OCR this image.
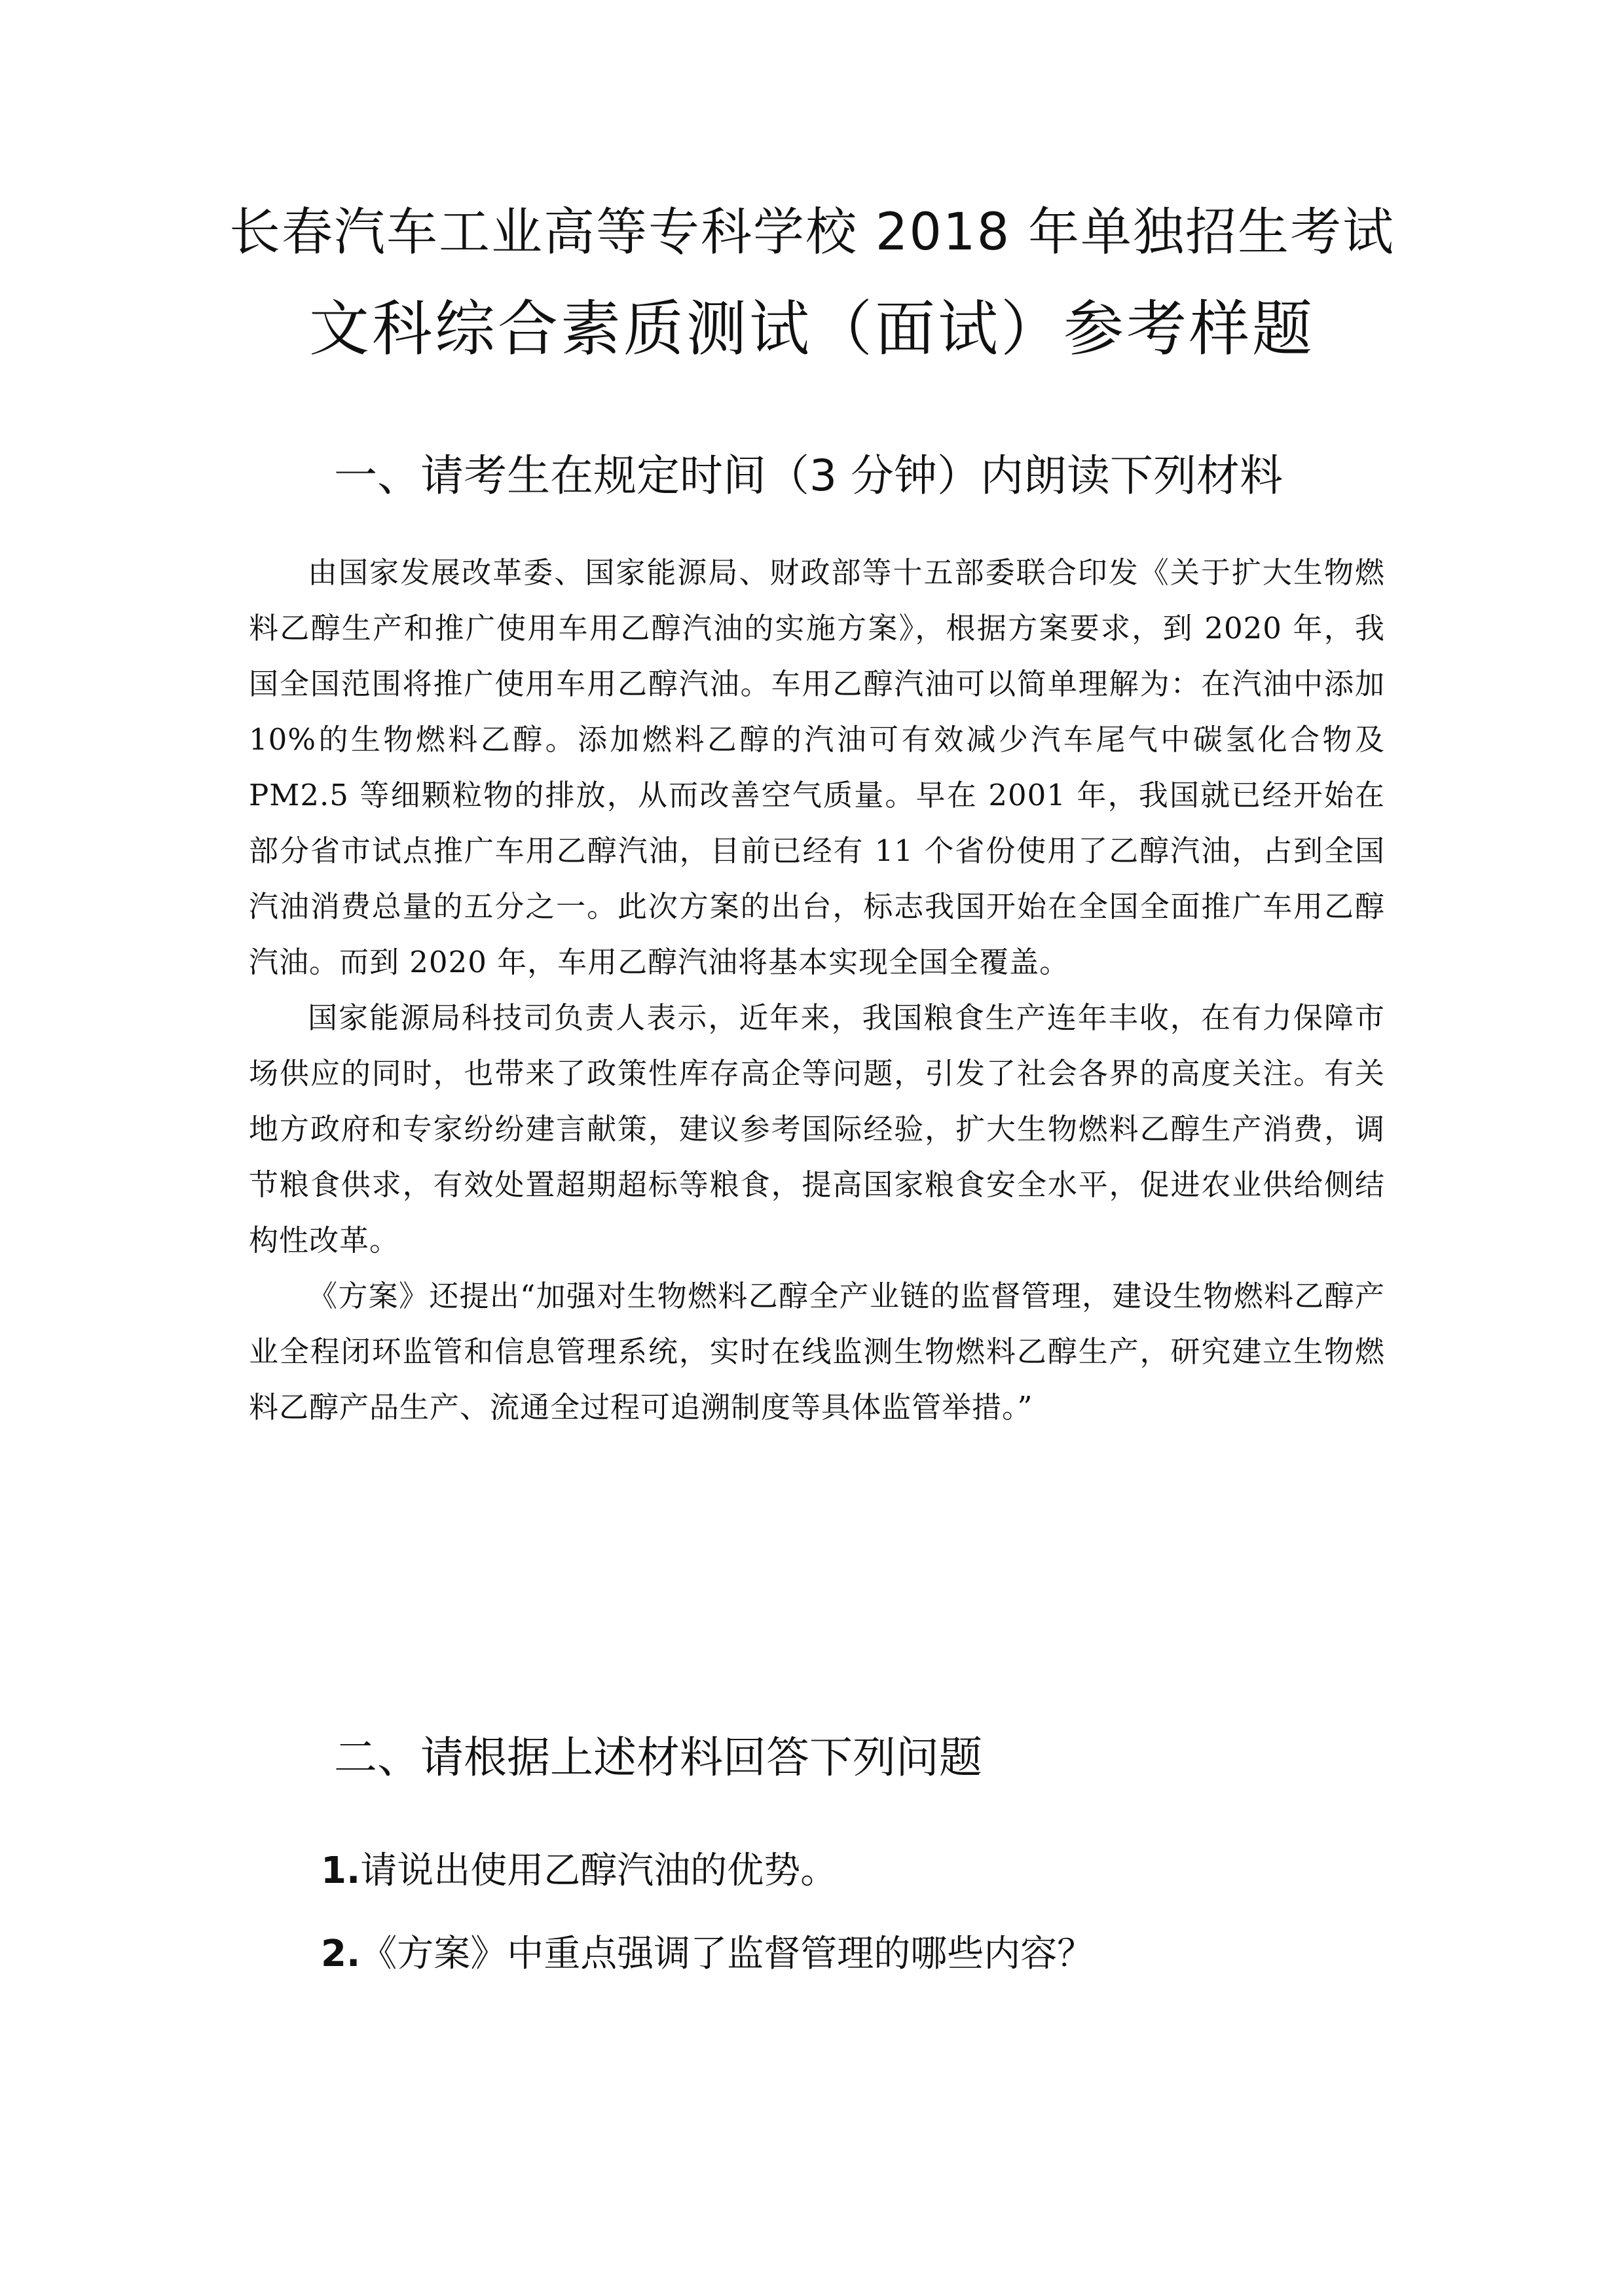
长春汽车工业高等专科学校 2018 年单独招生考试
文科综合素质测试（面试）参考样题
一、请考生在规定时间（3 分钟）内朗读下列材料

由国家发展改革委、国家能源局、财政部等十五部委联合印发《关于扩大生物燃料乙醇生产和推广使用车用乙醇汽油的实施方案》，根据方案要求，到 2020 年，我国全国范围将推广使用车用乙醇汽油。车用乙醇汽油可以简单理解为：在汽油中添加 10%的生物燃料乙醇。添加燃料乙醇的汽油可有效减少汽车尾气中碳氢化合物及 PM2.5 等细颗粒物的排放，从而改善空气质量。早在 2001 年，我国就已经开始在部分省市试点推广车用乙醇汽油，目前已经有 11 个省份使用了乙醇汽油，占到全国汽油消费总量的五分之一。此次方案的出台，标志我国开始在全国全面推广车用乙醇汽油。而到 2020 年，车用乙醇汽油将基本实现全国全覆盖。

国家能源局科技司负责人表示，近年来，我国粮食生产连年丰收，在有力保障市场供应的同时，也带来了政策性库存高企等问题，引发了社会各界的高度关注。有关地方政府和专家纷纷建言献策，建议参考国际经验，扩大生物燃料乙醇生产消费，调节粮食供求，有效处置超期超标等粮食，提高国家粮食安全水平，促进农业供给侧结构性改革。

《方案》还提出“加强对生物燃料乙醇全产业链的监督管理，建设生物燃料乙醇产业全程闭环监管和信息管理系统，实时在线监测生物燃料乙醇生产，研究建立生物燃料乙醇产品生产、流通全过程可追溯制度等具体监管举措。”

二、请根据上述材料回答下列问题
1.请说出使用乙醇汽油的优势。
2.《方案》中重点强调了监督管理的哪些内容？
